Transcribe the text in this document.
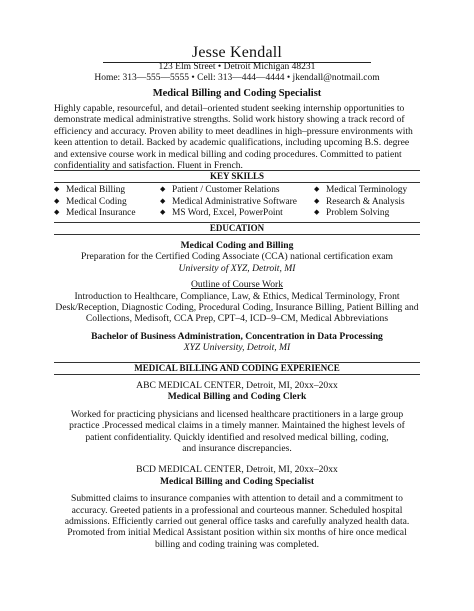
Jesse Kendall
123 Elm Street • Detroit Michigan 48231
Home: 313—555—5555 • Cell: 313—444—4444 • jkendall@notmail.com
Medical Billing and Coding Specialist
Highly capable, resourceful, and detail–oriented student seeking internship opportunities to
demonstrate medical administrative strengths. Solid work history showing a track record of
efficiency and accuracy. Proven ability to meet deadlines in high–pressure environments with
keen attention to detail. Backed by academic qualifications, including upcoming B.S. degree
and extensive course work in medical billing and coding procedures. Committed to patient
confidentiality and satisfaction. Fluent in French.
KEY SKILLS
◆ Medical Billing
◆ Medical Coding
◆ Medical Insurance
◆ Patient / Customer Relations
◆ Medical Administrative Software
◆ MS Word, Excel, PowerPoint
◆ Medical Terminology
◆ Research & Analysis
◆ Problem Solving
EDUCATION
Medical Coding and Billing
Preparation for the Certified Coding Associate (CCA) national certification exam
University of XYZ, Detroit, MI
Outline of Course Work
Introduction to Healthcare, Compliance, Law, & Ethics, Medical Terminology, Front
Desk/Reception, Diagnostic Coding, Procedural Coding, Insurance Billing, Patient Billing and
Collections, Medisoft, CCA Prep, CPT–4, ICD–9–CM, Medical Abbreviations
Bachelor of Business Administration, Concentration in Data Processing
XYZ University, Detroit, MI
MEDICAL BILLING AND CODING EXPERIENCE
ABC MEDICAL CENTER, Detroit, MI, 20xx–20xx
Medical Billing and Coding Clerk
Worked for practicing physicians and licensed healthcare practitioners in a large group
practice .Processed medical claims in a timely manner. Maintained the highest levels of
patient confidentiality. Quickly identified and resolved medical billing, coding,
and insurance discrepancies.
BCD MEDICAL CENTER, Detroit, MI, 20xx–20xx
Medical Billing and Coding Specialist
Submitted claims to insurance companies with attention to detail and a commitment to
accuracy. Greeted patients in a professional and courteous manner. Scheduled hospital
admissions. Efficiently carried out general office tasks and carefully analyzed health data.
Promoted from initial Medical Assistant position within six months of hire once medical
billing and coding training was completed.
